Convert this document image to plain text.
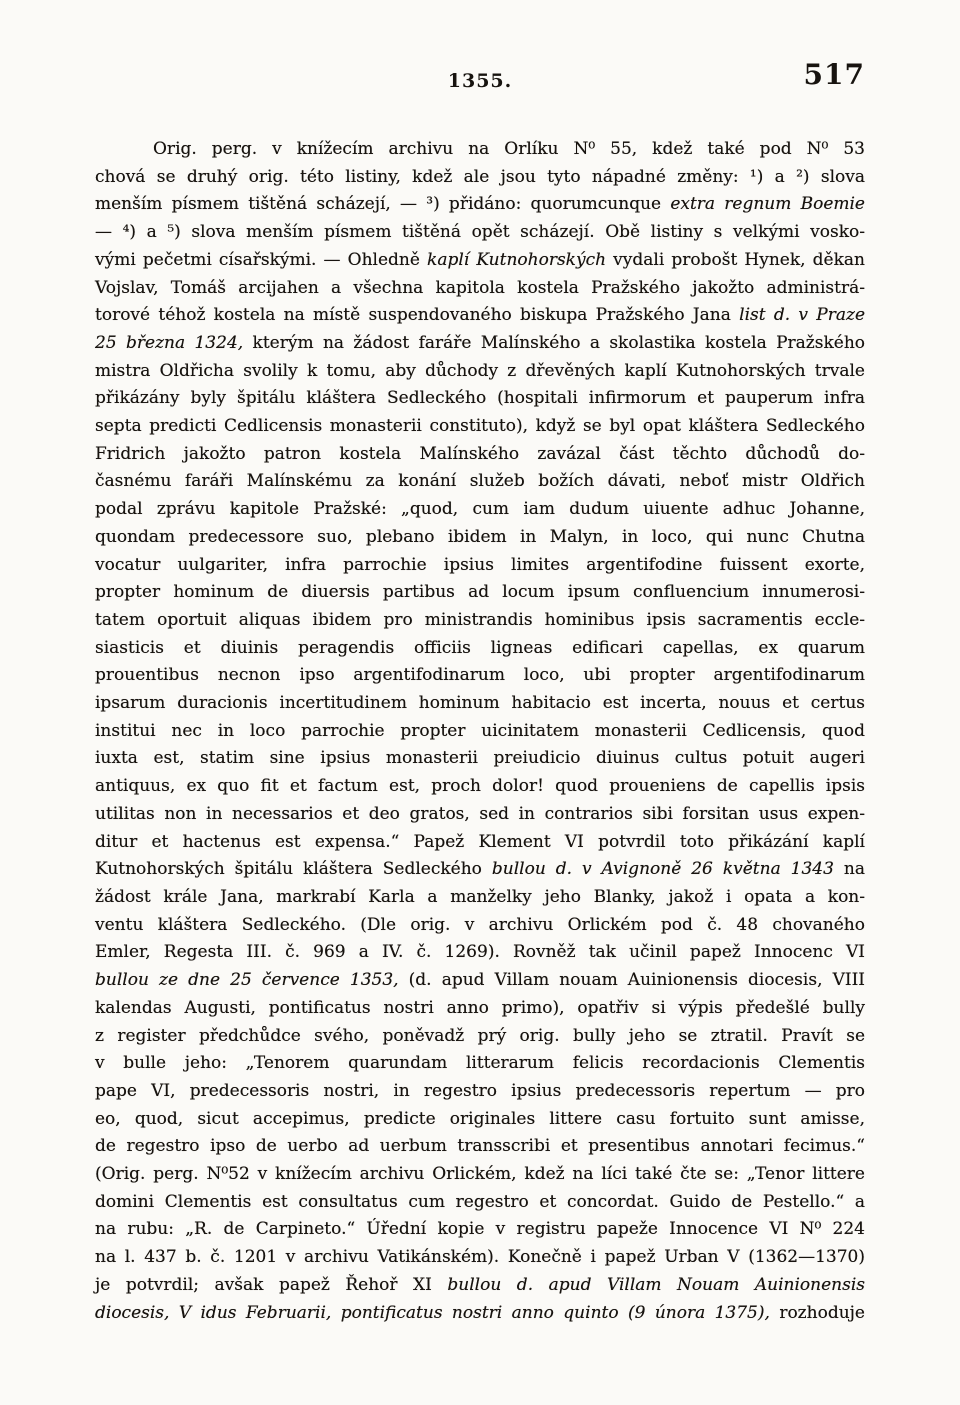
1355.	517
Orig. perg. v knížecím archivu na Orlíku N⁰ 55, kdež také pod N⁰ 53
chová se druhý orig. této listiny, kdež ale jsou tyto nápadné změny: ¹) a ²) slova
menším písmem tištěná scházejí, — ³) přidáno: quorumcunque extra regnum Boemie
— ⁴) a ⁵) slova menším písmem tištěná opět scházejí. Obě listiny s velkými vosko-
vými pečetmi císařskými. — Ohledně kaplí Kutnohorských vydali probošt Hynek, děkan
Vojslav, Tomáš arcijahen a všechna kapitola kostela Pražského jakožto administrá-
torové téhož kostela na místě suspendovaného biskupa Pražského Jana list d. v Praze
25 března 1324, kterým na žádost faráře Malínského a skolastika kostela Pražského
mistra Oldřicha svolily k tomu, aby důchody z dřevěných kaplí Kutnohorských trvale
přikázány byly špitálu kláštera Sedleckého (hospitali infirmorum et pauperum infra
septa predicti Cedlicensis monasterii constituto), když se byl opat kláštera Sedleckého
Fridrich jakožto patron kostela Malínského zavázal část těchto důchodů do-
časnému faráři Malínskému za konání služeb božích dávati, neboť mistr Oldřich
podal zprávu kapitole Pražské: „quod, cum iam dudum uiuente adhuc Johanne,
quondam predecessore suo, plebano ibidem in Malyn, in loco, qui nunc Chutna
vocatur uulgariter, infra parrochie ipsius limites argentifodine fuissent exorte,
propter hominum de diuersis partibus ad locum ipsum confluencium innumerosi-
tatem oportuit aliquas ibidem pro ministrandis hominibus ipsis sacramentis eccle-
siasticis et diuinis peragendis officiis ligneas edificari capellas, ex quarum
prouentibus necnon ipso argentifodinarum loco, ubi propter argentifodinarum
ipsarum duracionis incertitudinem hominum habitacio est incerta, nouus et certus
institui nec in loco parrochie propter uicinitatem monasterii Cedlicensis, quod
iuxta est, statim sine ipsius monasterii preiudicio diuinus cultus potuit augeri
antiquus, ex quo fit et factum est, proch dolor! quod proueniens de capellis ipsis
utilitas non in necessarios et deo gratos, sed in contrarios sibi forsitan usus expen-
ditur et hactenus est expensa.“ Papež Klement VI potvrdil toto přikázání kaplí
Kutnohorských špitálu kláštera Sedleckého bullou d. v Avignoně 26 května 1343 na
žádost krále Jana, markrabí Karla a manželky jeho Blanky, jakož i opata a kon-
ventu kláštera Sedleckého. (Dle orig. v archivu Orlickém pod č. 48 chovaného
Emler, Regesta III. č. 969 a IV. č. 1269). Rovněž tak učinil papež Innocenc VI
bullou ze dne 25 července 1353, (d. apud Villam nouam Auinionensis diocesis, VIII
kalendas Augusti, pontificatus nostri anno primo), opatřiv si výpis předešlé bully
z register předchůdce svého, poněvadž prý orig. bully jeho se ztratil. Pravít se
v bulle jeho: „Tenorem quarundam litterarum felicis recordacionis Clementis
pape VI, predecessoris nostri, in regestro ipsius predecessoris repertum — pro
eo, quod, sicut accepimus, predicte originales littere casu fortuito sunt amisse,
de regestro ipso de uerbo ad uerbum transscribi et presentibus annotari fecimus.“
(Orig. perg. N⁰52 v knížecím archivu Orlickém, kdež na líci také čte se: „Tenor littere
domini Clementis est consultatus cum regestro et concordat. Guido de Pestello.“ a
na rubu: „R. de Carpineto.“ Úřední kopie v registru papeže Innocence VI N⁰ 224
na l. 437 b. č. 1201 v archivu Vatikánském). Konečně i papež Urban V (1362—1370)
je potvrdil; avšak papež Řehoř XI bullou d. apud Villam Nouam Auinionensis
diocesis, V idus Februarii, pontificatus nostri anno quinto (9 února 1375), rozhoduje
